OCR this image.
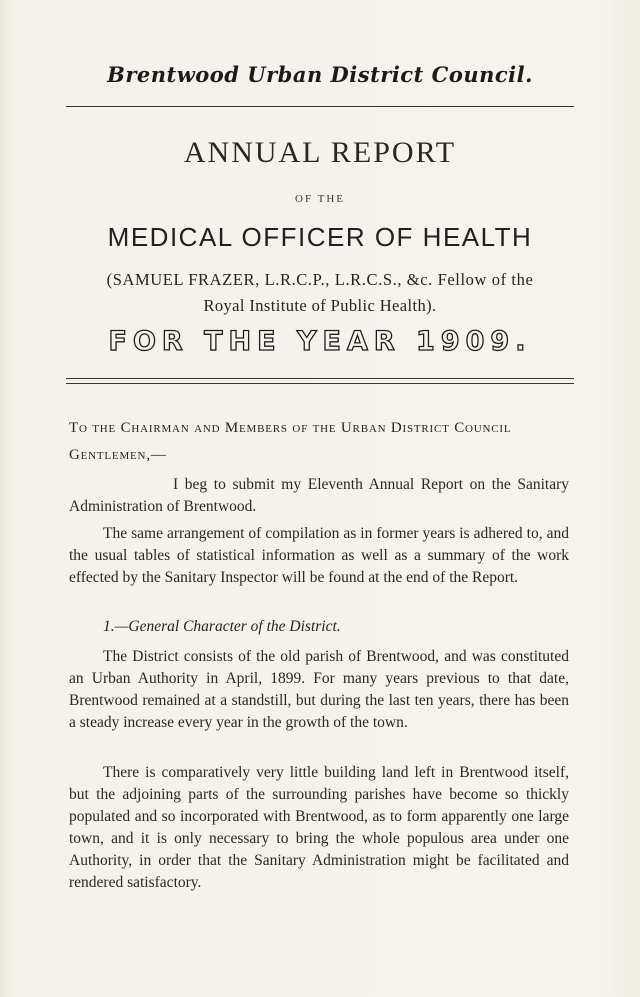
Brentwood Urban District Council.
ANNUAL REPORT
OF THE
MEDICAL OFFICER OF HEALTH
(SAMUEL FRAZER, L.R.C.P., L.R.C.S., &c. Fellow of the
Royal Institute of Public Health).
FOR THE YEAR 1909.
To the Chairman and Members of the Urban District Council
Gentlemen,—

I beg to submit my Eleventh Annual Report on the Sanitary Administration of Brentwood.

The same arrangement of compilation as in former years is adhered to, and the usual tables of statistical information as well as a summary of the work effected by the Sanitary Inspector will be found at the end of the Report.

1.—General Character of the District.

The District consists of the old parish of Brentwood, and was constituted an Urban Authority in April, 1899. For many years previous to that date, Brentwood remained at a standstill, but during the last ten years, there has been a steady increase every year in the growth of the town.

There is comparatively very little building land left in Brentwood itself, but the adjoining parts of the surrounding parishes have become so thickly populated and so incorporated with Brentwood, as to form apparently one large town, and it is only necessary to bring the whole populous area under one Authority, in order that the Sanitary Administration might be facilitated and rendered satisfactory.
